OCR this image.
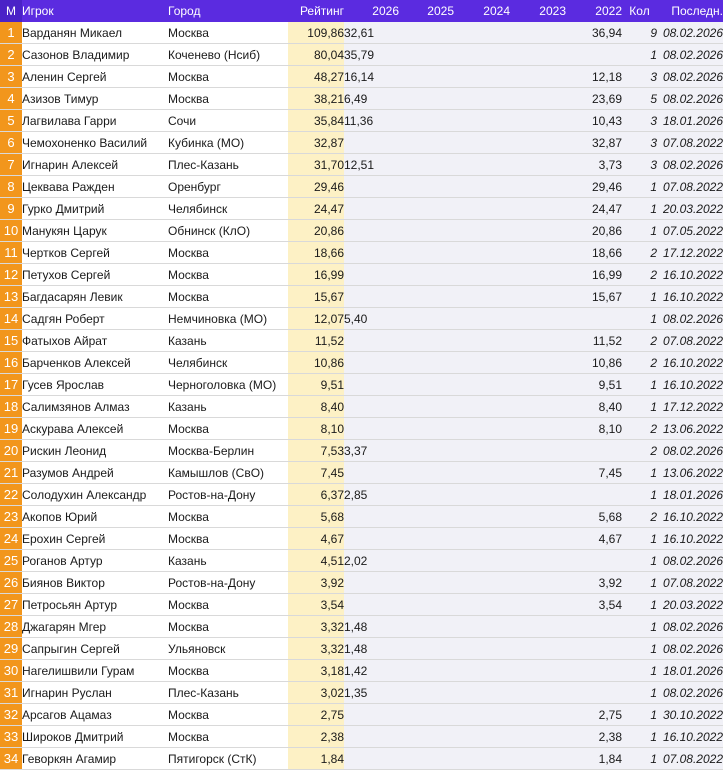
М	Игрок	Город	Рейтинг	2026	2025	2024	2023	2022	Кол	Последн.
1	Варданян Микаел	Москва	109,86	32,61				36,94	9	08.02.2026
2	Сазонов Владимир	Коченево (Нсиб)	80,04	35,79					1	08.02.2026
3	Аленин Сергей	Москва	48,27	16,14				12,18	3	08.02.2026
4	Азизов Тимур	Москва	38,21	6,49				23,69	5	08.02.2026
5	Лагвилава Гарри	Сочи	35,84	11,36				10,43	3	18.01.2026
6	Чемохоненко Василий	Кубинка (МО)	32,87					32,87	3	07.08.2022
7	Игнарин Алексей	Плес-Казань	31,70	12,51				3,73	3	08.02.2026
8	Цеквава Ражден	Оренбург	29,46					29,46	1	07.08.2022
9	Гурко Дмитрий	Челябинск	24,47					24,47	1	20.03.2022
10	Манукян Царук	Обнинск (КлО)	20,86					20,86	1	07.05.2022
11	Чертков Сергей	Москва	18,66					18,66	2	17.12.2022
12	Петухов Сергей	Москва	16,99					16,99	2	16.10.2022
13	Багдасарян Левик	Москва	15,67					15,67	1	16.10.2022
14	Садгян Роберт	Немчиновка (МО)	12,07	5,40					1	08.02.2026
15	Фатыхов Айрат	Казань	11,52					11,52	2	07.08.2022
16	Барченков Алексей	Челябинск	10,86					10,86	2	16.10.2022
17	Гусев Ярослав	Черноголовка (МО)	9,51					9,51	1	16.10.2022
18	Салимзянов Алмаз	Казань	8,40					8,40	1	17.12.2022
19	Аскурава Алексей	Москва	8,10					8,10	2	13.06.2022
20	Рискин Леонид	Москва-Берлин	7,53	3,37					2	08.02.2026
21	Разумов Андрей	Камышлов (СвО)	7,45					7,45	1	13.06.2022
22	Солодухин Александр	Ростов-на-Дону	6,37	2,85					1	18.01.2026
23	Акопов Юрий	Москва	5,68					5,68	2	16.10.2022
24	Ерохин Сергей	Москва	4,67					4,67	1	16.10.2022
25	Роганов Артур	Казань	4,51	2,02					1	08.02.2026
26	Биянов Виктор	Ростов-на-Дону	3,92					3,92	1	07.08.2022
27	Петросьян Артур	Москва	3,54					3,54	1	20.03.2022
28	Джагарян Мгер	Москва	3,32	1,48					1	08.02.2026
29	Сапрыгин Сергей	Ульяновск	3,32	1,48					1	08.02.2026
30	Нагелишвили Гурам	Москва	3,18	1,42					1	18.01.2026
31	Игнарин Руслан	Плес-Казань	3,02	1,35					1	08.02.2026
32	Арсагов Ацамаз	Москва	2,75					2,75	1	30.10.2022
33	Широков Дмитрий	Москва	2,38					2,38	1	16.10.2022
34	Геворкян Агамир	Пятигорск (СтК)	1,84					1,84	1	07.08.2022
